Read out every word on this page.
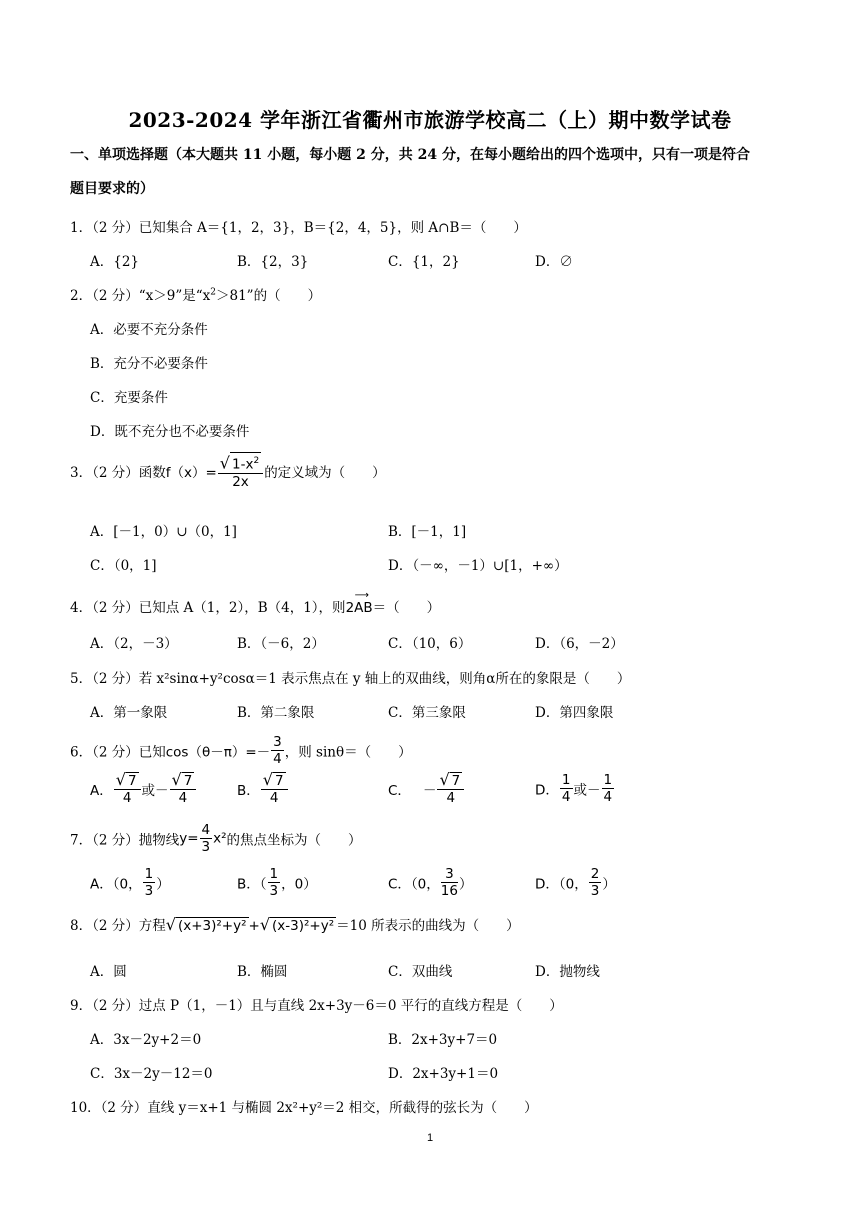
2023-2024 学年浙江省衢州市旅游学校高二（上）期中数学试卷
一、单项选择题（本大题共 11 小题，每小题 2 分，共 24 分，在每小题给出的四个选项中，只有一项是符合
题目要求的）
1．（2 分）已知集合 A＝{1，2，3}，B＝{2，4，5}，则 A∩B＝（　　）
A．{2}	B．{2，3}	C．{1，2}	D．∅
2．（2 分）“x＞9”是“$x^2>81$”的（　　）
A．必要不充分条件
B．充分不必要条件
C．充要条件
D．既不充分也不必要条件
3．（2 分）函数$f(x)= \frac{√ 1-x^2}{2x}$ 的定义域为（　　）
A．[－1，0）∪（0，1]	B．[－1，1]
C．（0，1]	D．（－∞，－1）∪[1，+∞）
4．（2 分）已知点 A（1，2），B（4，1），则
⟶
2AB＝（　　）
A．（2，－3）	B．（－6，2）	C．（10，6）	D．（6，－2）
5．（2 分）若 x²sinα+y²cosα＝1 表示焦点在 y 轴上的双曲线，则角α所在的象限是（　　）
A．第一象限	B．第二象限	C．第三象限	D．第四象限
6．（2 分）已知$\cos(\theta-\pi)=- \frac{3}{4}$ ，则 sinθ＝（　　）
A． $\frac{√ 7}{4}$ 或－ $\frac{√ 7}{4}$	B． $\frac{√ 7}{4}$	C． － $\frac{√ 7}{4}$	D． $\frac{1}{4}$ 或－ $\frac{1}{4}$
7．（2 分）抛物线$y= \frac{4}{3} x^2$的焦点坐标为（　　）
A．（0， $\frac{1}{3}$ ）	B．（ $\frac{1}{3}$ ，0）	C．（0， $\frac{3}{16}$ ）	D．（0， $\frac{2}{3}$ ）
8．（2 分）方程√ (x+3)²+y² +√ (x-3)²+y² ＝10 所表示的曲线为（　　）
A．圆	B．椭圆	C．双曲线	D．抛物线
9．（2 分）过点 P（1，－1）且与直线 2x+3y－6＝0 平行的直线方程是（　　）
A．3x－2y+2＝0	B．2x+3y+7＝0
C．3x－2y－12＝0	D．2x+3y+1＝0
10．（2 分）直线 y＝x+1 与椭圆 2x²+y²＝2 相交，所截得的弦长为（　　）
1
